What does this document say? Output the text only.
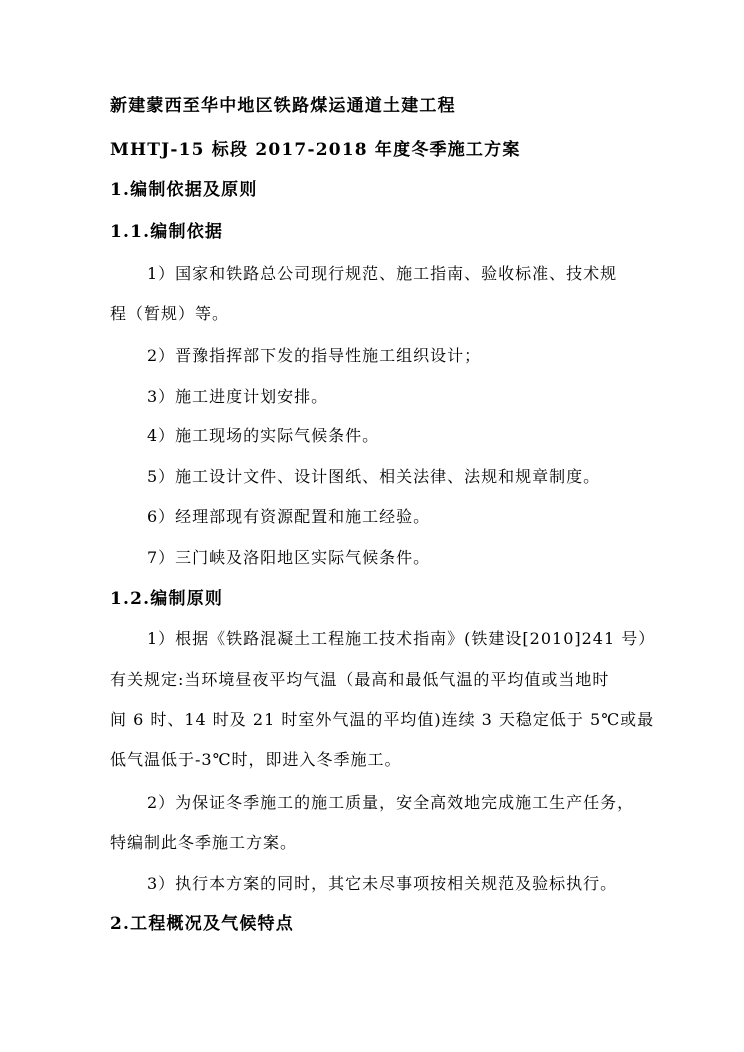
新建蒙西至华中地区铁路煤运通道土建工程
MHTJ-15 标段 2017-2018 年度冬季施工方案
1.编制依据及原则
1.1.编制依据
1）国家和铁路总公司现行规范、施工指南、验收标准、技术规
程（暂规）等。
2）晋豫指挥部下发的指导性施工组织设计；
3）施工进度计划安排。
4）施工现场的实际气候条件。
5）施工设计文件、设计图纸、相关法律、法规和规章制度。
6）经理部现有资源配置和施工经验。
7）三门峡及洛阳地区实际气候条件。
1.2.编制原则
1）根据《铁路混凝土工程施工技术指南》(铁建设[2010]241 号）
有关规定:当环境昼夜平均气温（最高和最低气温的平均值或当地时
间 6 时、14 时及 21 时室外气温的平均值)连续 3 天稳定低于 5℃或最
低气温低于-3℃时，即进入冬季施工。
2）为保证冬季施工的施工质量，安全高效地完成施工生产任务，
特编制此冬季施工方案。
3）执行本方案的同时，其它未尽事项按相关规范及验标执行。
2.工程概况及气候特点
